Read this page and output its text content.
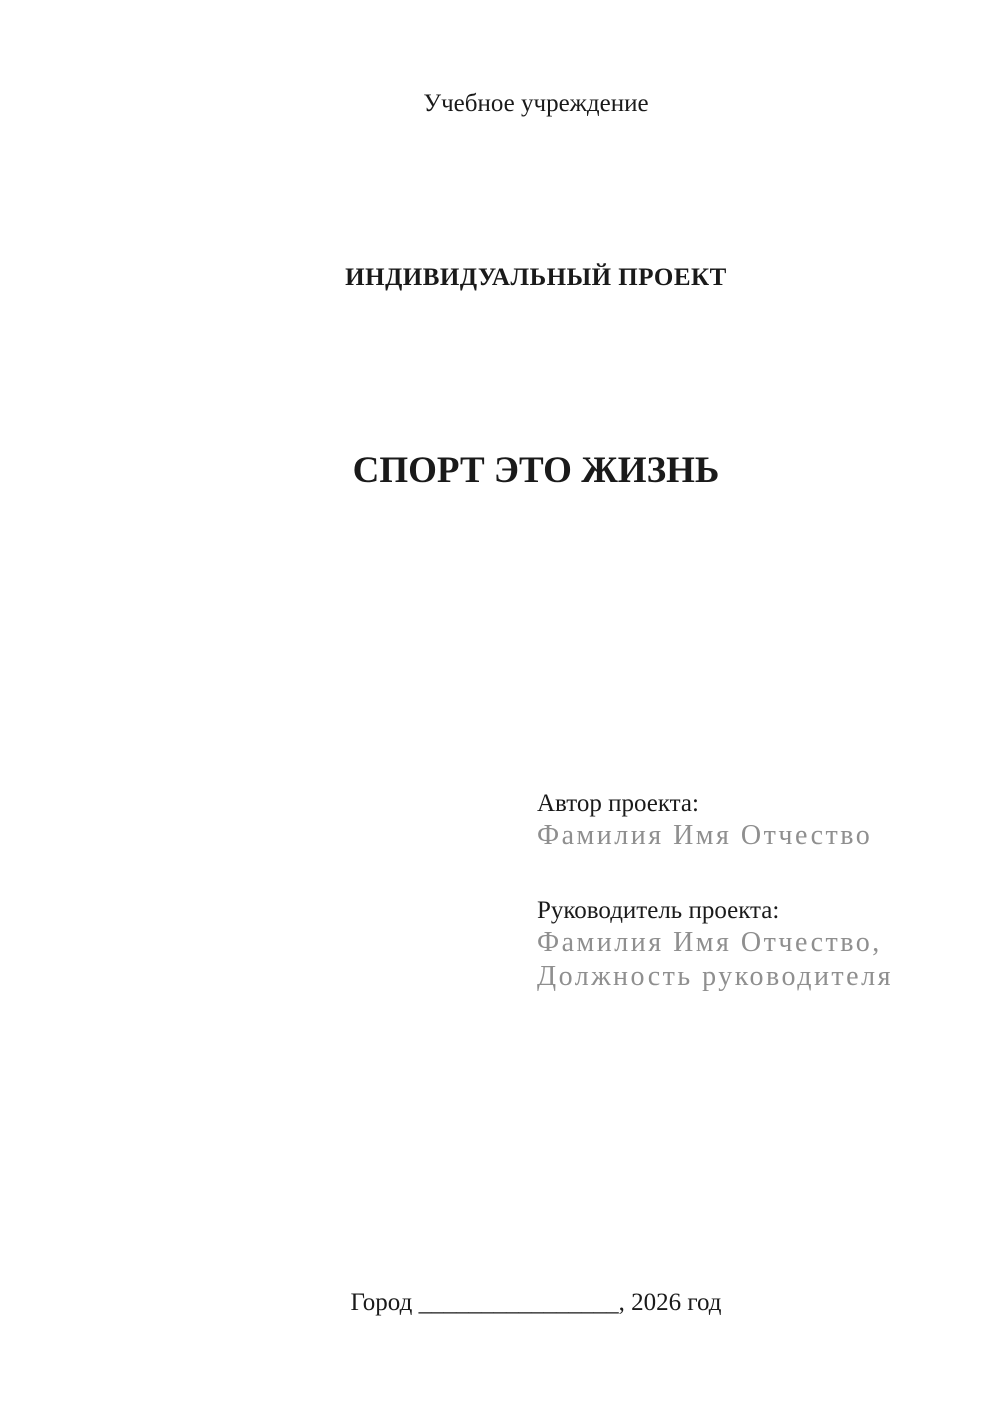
Учебное учреждение
ИНДИВИДУАЛЬНЫЙ ПРОЕКТ
СПОРТ ЭТО ЖИЗНЬ
Автор проекта:
Фамилия Имя Отчество
Руководитель проекта:
Фамилия Имя Отчество,
Должность руководителя
Город ________________, 2026 год
